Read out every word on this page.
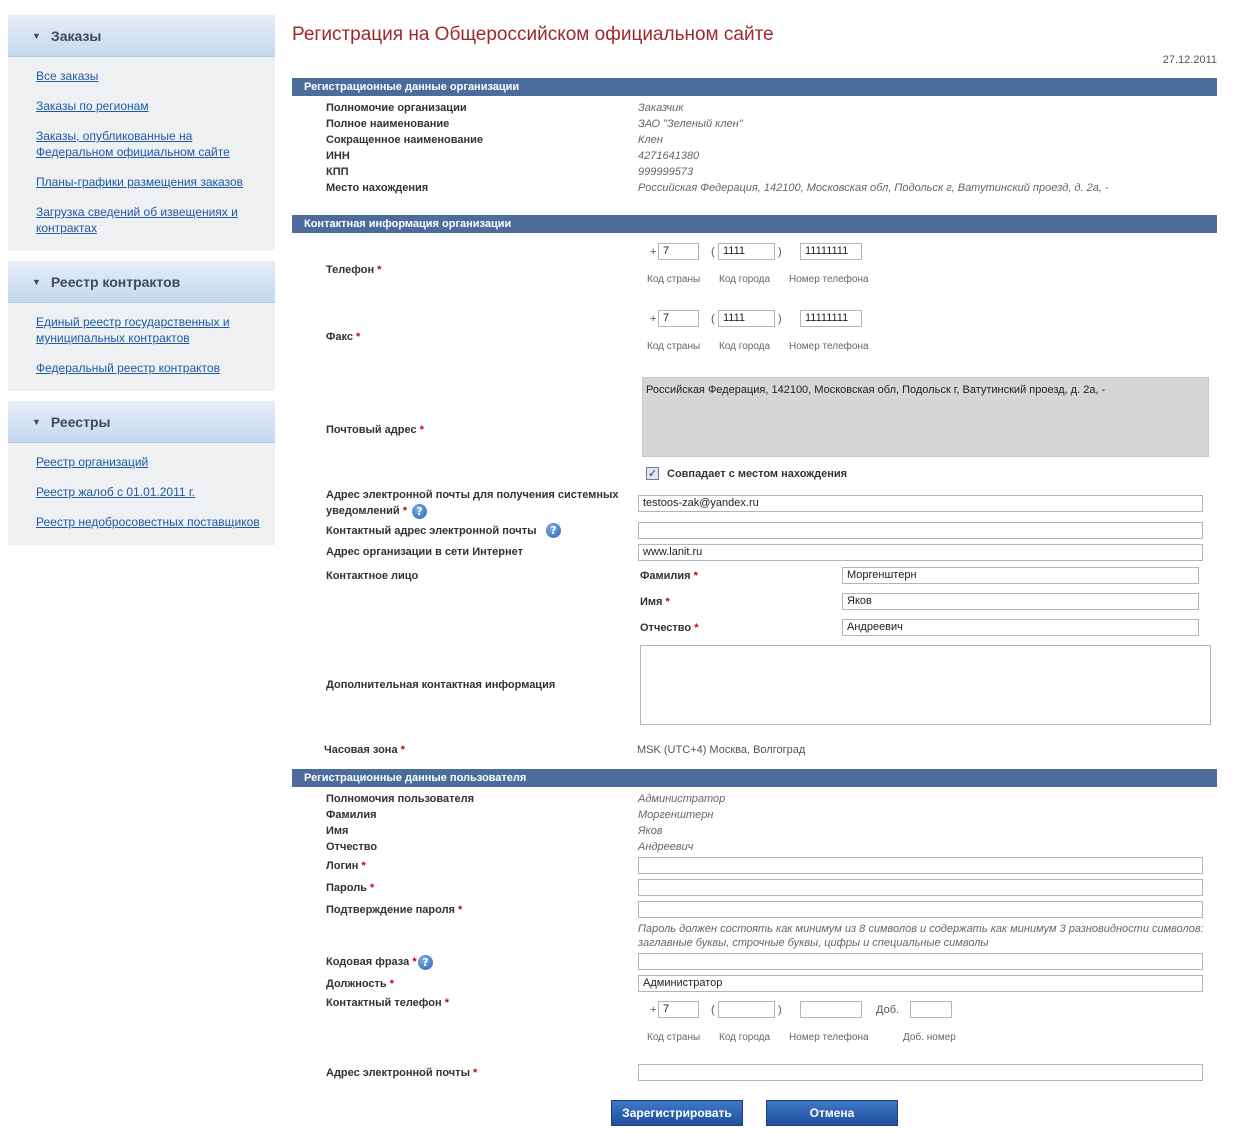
▼ Заказы
Все заказы
Заказы по регионам
Заказы, опубликованные на Федеральном официальном сайте
Планы-графики размещения заказов
Загрузка сведений об извещениях и контрактах
▼ Реестр контрактов
Единый реестр государственных и муниципальных контрактов
Федеральный реестр контрактов
▼ Реестры
Реестр организаций
Реестр жалоб с 01.01.2011 г.
Реестр недобросовестных поставщиков
Регистрация на Общероссийском официальном сайте
27.12.2011
Регистрационные данные организации
Полномочие организации	Заказчик
Полное наименование	ЗАО "Зеленый клен"
Сокращенное наименование	Клен
ИНН	4271641380
КПП	999999573
Место нахождения	Российская Федерация, 142100, Московская обл, Подольск г, Ватутинский проезд, д. 2а, -
Контактная информация организации
Телефон *
+ 7	( 1111	)	11111111
Код страны Код города Номер телефона
Факс *
+ 7	( 1111	)	11111111
Код страны Код города Номер телефона
Почтовый адрес *
Российская Федерация, 142100, Московская обл, Подольск г, Ватутинский проезд, д. 2а, -
✓ Совпадает с местом нахождения
Адрес электронной почты для получения системных
уведомлений * ?
testoos-zak@yandex.ru
Контактный адрес электронной почты	?
Адрес организации в сети Интернет	www.lanit.ru
Контактное лицо	Фамилия *	Моргенштерн
Имя *	Яков
Отчество *	Андреевич
Дополнительная контактная информация
Часовая зона *	MSK (UTC+4) Москва, Волгоград
Регистрационные данные пользователя
Полномочия пользователя	Администратор
Фамилия	Моргенштерн
Имя	Яков
Отчество	Андреевич
Логин *
Пароль *
Подтверждение пароля *
Пароль должен состоять как минимум из 8 символов и содержать как минимум 3 разновидности символов:
заглавные буквы, строчные буквы, цифры и специальные символы
Кодовая фраза * ?
Должность *	Администратор
Контактный телефон *
+ 7	(	)	Доб.
Код страны Код города Номер телефона	Доб. номер
Адрес электронной почты *
Зарегистрировать	Отмена
